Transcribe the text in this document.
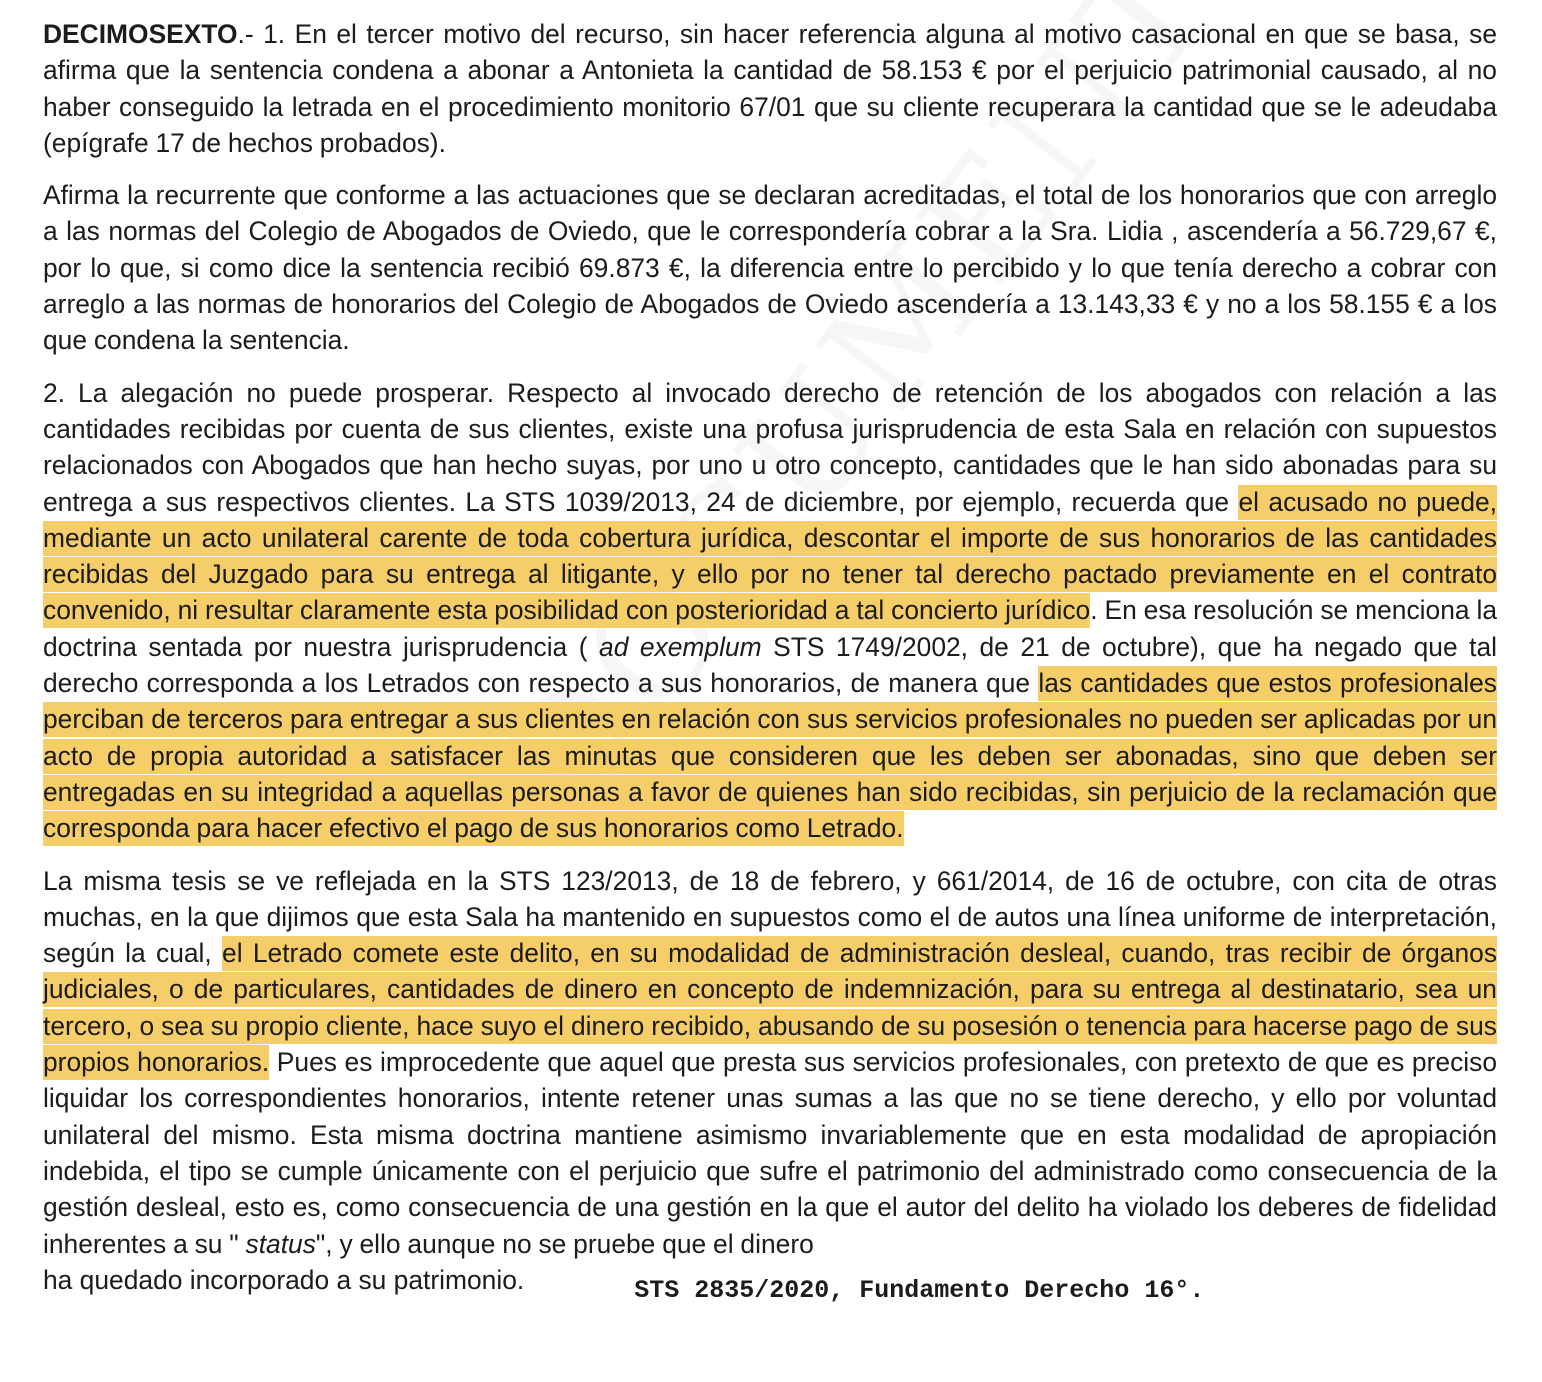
DECIMOSEXTO.- 1. En el tercer motivo del recurso, sin hacer referencia alguna al motivo casacional en que se basa, se afirma que la sentencia condena a abonar a Antonieta la cantidad de 58.153 € por el perjuicio patrimonial causado, al no haber conseguido la letrada en el procedimiento monitorio 67/01 que su cliente recuperara la cantidad que se le adeudaba (epígrafe 17 de hechos probados).

Afirma la recurrente que conforme a las actuaciones que se declaran acreditadas, el total de los honorarios que con arreglo a las normas del Colegio de Abogados de Oviedo, que le correspondería cobrar a la Sra. Lidia , ascendería a 56.729,67 €, por lo que, si como dice la sentencia recibió 69.873 €, la diferencia entre lo percibido y lo que tenía derecho a cobrar con arreglo a las normas de honorarios del Colegio de Abogados de Oviedo ascendería a 13.143,33 € y no a los 58.155 € a los que condena la sentencia.

2. La alegación no puede prosperar. Respecto al invocado derecho de retención de los abogados con relación a las cantidades recibidas por cuenta de sus clientes, existe una profusa jurisprudencia de esta Sala en relación con supuestos relacionados con Abogados que han hecho suyas, por uno u otro concepto, cantidades que le han sido abonadas para su entrega a sus respectivos clientes. La STS 1039/2013, 24 de diciembre, por ejemplo, recuerda que el acusado no puede, mediante un acto unilateral carente de toda cobertura jurídica, descontar el importe de sus honorarios de las cantidades recibidas del Juzgado para su entrega al litigante, y ello por no tener tal derecho pactado previamente en el contrato convenido, ni resultar claramente esta posibilidad con posterioridad a tal concierto jurídico. En esa resolución se menciona la doctrina sentada por nuestra jurisprudencia ( ad exemplum STS 1749/2002, de 21 de octubre), que ha negado que tal derecho corresponda a los Letrados con respecto a sus honorarios, de manera que las cantidades que estos profesionales perciban de terceros para entregar a sus clientes en relación con sus servicios profesionales no pueden ser aplicadas por un acto de propia autoridad a satisfacer las minutas que consideren que les deben ser abonadas, sino que deben ser entregadas en su integridad a aquellas personas a favor de quienes han sido recibidas, sin perjuicio de la reclamación que corresponda para hacer efectivo el pago de sus honorarios como Letrado.

La misma tesis se ve reflejada en la STS 123/2013, de 18 de febrero, y 661/2014, de 16 de octubre, con cita de otras muchas, en la que dijimos que esta Sala ha mantenido en supuestos como el de autos una línea uniforme de interpretación, según la cual, el Letrado comete este delito, en su modalidad de administración desleal, cuando, tras recibir de órganos judiciales, o de particulares, cantidades de dinero en concepto de indemnización, para su entrega al destinatario, sea un tercero, o sea su propio cliente, hace suyo el dinero recibido, abusando de su posesión o tenencia para hacerse pago de sus propios honorarios. Pues es improcedente que aquel que presta sus servicios profesionales, con pretexto de que es preciso liquidar los correspondientes honorarios, intente retener unas sumas a las que no se tiene derecho, y ello por voluntad unilateral del mismo. Esta misma doctrina mantiene asimismo invariablemente que en esta modalidad de apropiación indebida, el tipo se cumple únicamente con el perjuicio que sufre el patrimonio del administrado como consecuencia de la gestión desleal, esto es, como consecuencia de una gestión en la que el autor del delito ha violado los deberes de fidelidad inherentes a su " status", y ello aunque no se pruebe que el dinero

ha quedado incorporado a su patrimonio.	STS 2835/2020, Fundamento Derecho 16°.
